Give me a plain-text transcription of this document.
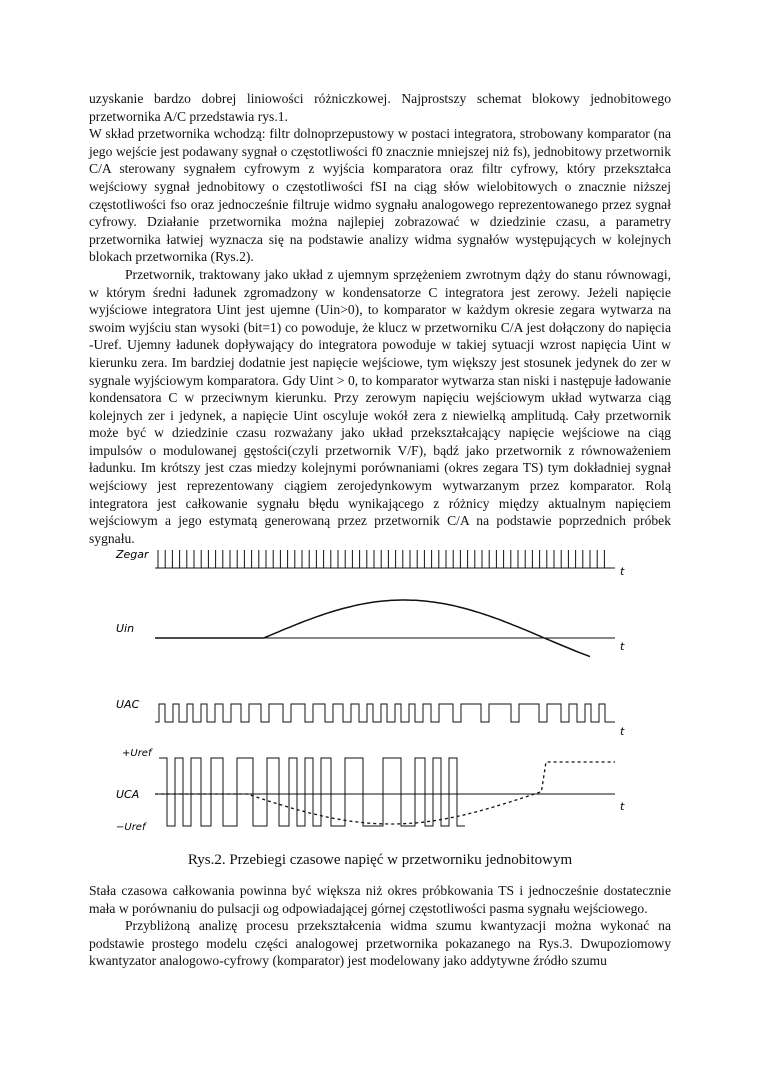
uzyskanie bardzo dobrej liniowości różniczkowej. Najprostszy schemat blokowy jednobitowego przetwornika A/C przedstawia rys.1.

W skład przetwornika wchodzą: filtr dolnoprzepustowy w postaci integratora, strobowany komparator (na jego wejście jest podawany sygnał o częstotliwości f0 znacznie mniejszej niż fs), jednobitowy przetwornik C/A sterowany sygnałem cyfrowym z wyjścia komparatora oraz filtr cyfrowy, który przekształca wejściowy sygnał jednobitowy o częstotliwości fSI na ciąg słów wielobitowych o znacznie niższej częstotliwości fso oraz jednocześnie filtruje widmo sygnału analogowego reprezentowanego przez sygnał cyfrowy. Działanie przetwornika można najlepiej zobrazować w dziedzinie czasu, a parametry przetwornika łatwiej wyznacza się na podstawie analizy widma sygnałów występujących w kolejnych blokach przetwornika (Rys.2).

Przetwornik, traktowany jako układ z ujemnym sprzężeniem zwrotnym dąży do stanu równowagi, w którym średni ładunek zgromadzony w kondensatorze C integratora jest zerowy. Jeżeli napięcie wyjściowe integratora Uint jest ujemne (Uin>0), to komparator w każdym okresie zegara wytwarza na swoim wyjściu stan wysoki (bit=1) co powoduje, że klucz w przetworniku C/A jest dołączony do napięcia -Uref. Ujemny ładunek dopływający do integratora powoduje w takiej sytuacji wzrost napięcia Uint w kierunku zera. Im bardziej dodatnie jest napięcie wejściowe, tym większy jest stosunek jedynek do zer w sygnale wyjściowym komparatora. Gdy Uint > 0, to komparator wytwarza stan niski i następuje ładowanie kondensatora C w przeciwnym kierunku. Przy zerowym napięciu wejściowym układ wytwarza ciąg kolejnych zer i jedynek, a napięcie Uint oscyluje wokół zera z niewielką amplitudą. Cały przetwornik może być w dziedzinie czasu rozważany jako układ przekształcający napięcie wejściowe na ciąg impulsów o modulowanej gęstości(czyli przetwornik V/F), bądź jako przetwornik z równoważeniem ładunku. Im krótszy jest czas miedzy kolejnymi porównaniami (okres zegara TS) tym dokładniej sygnał wejściowy jest reprezentowany ciągiem zerojedynkowym wytwarzanym przez komparator. Rolą integratora jest całkowanie sygnału błędu wynikającego z różnicy między aktualnym napięciem wejściowym a jego estymatą generowaną przez przetwornik C/A na podstawie poprzednich próbek sygnału.

Zegar
Uin
UAC
+Uref
UCA
−Uref
t
t
t
t
Rys.2. Przebiegi czasowe napięć w przetworniku jednobitowym

Stała czasowa całkowania powinna być większa niż okres próbkowania TS i jednocześnie dostatecznie mała w porównaniu do pulsacji ωg odpowiadającej górnej częstotliwości pasma sygnału wejściowego.

Przybliżoną analizę procesu przekształcenia widma szumu kwantyzacji można wykonać na podstawie prostego modelu części analogowej przetwornika pokazanego na Rys.3. Dwupoziomowy kwantyzator analogowo-cyfrowy (komparator) jest modelowany jako addytywne źródło szumu
